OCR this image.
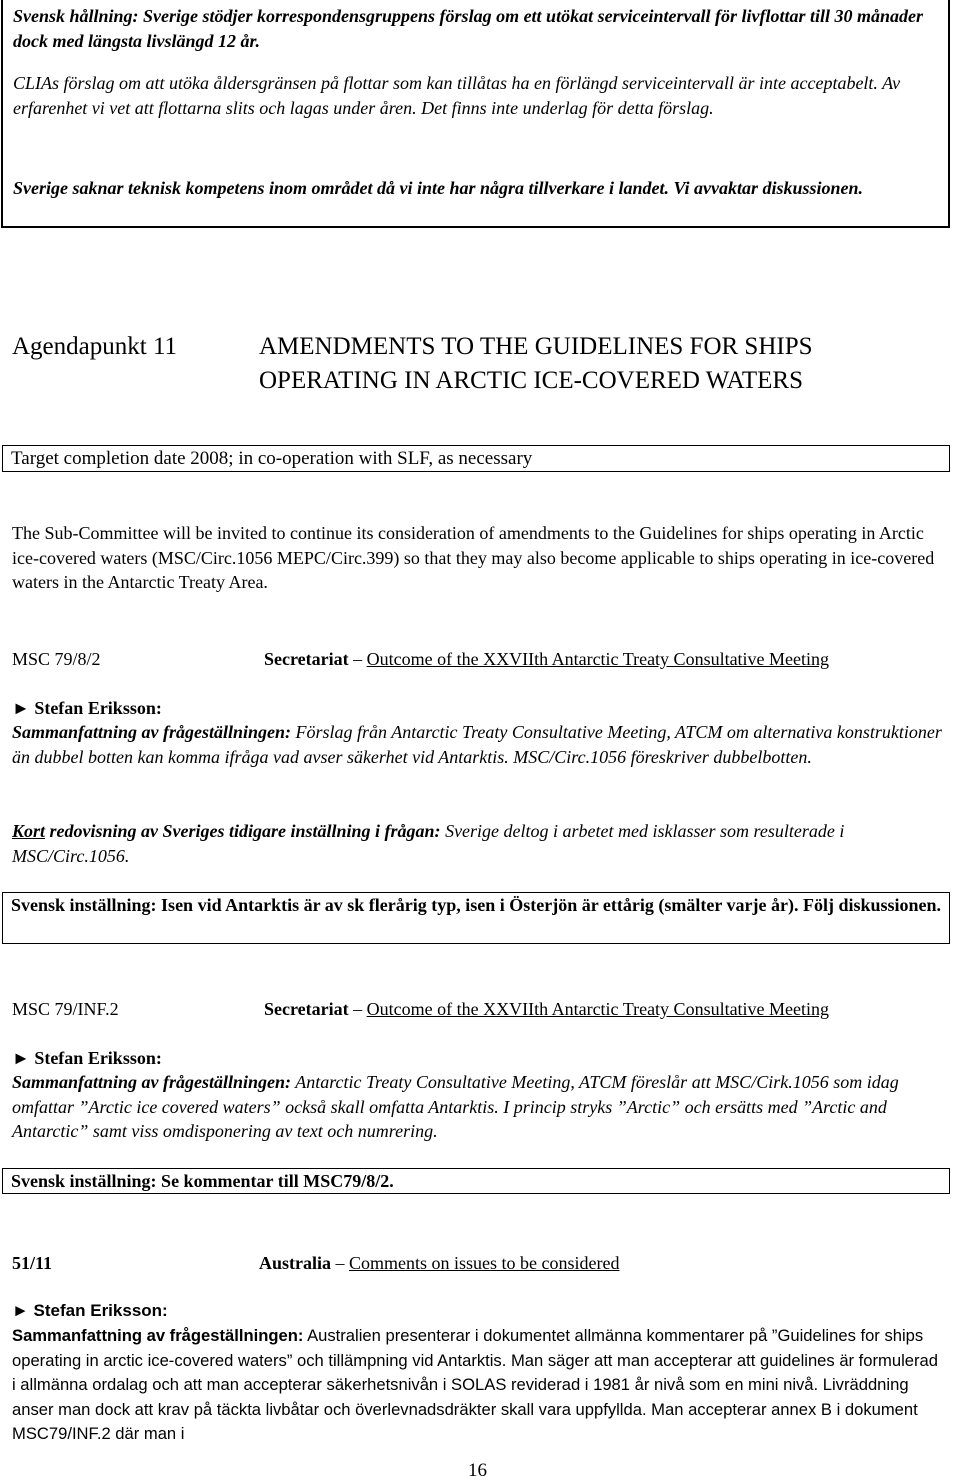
Svensk hållning: Sverige stödjer korrespondensgruppens förslag om ett utökat serviceintervall för livflottar till 30 månader dock med längsta livslängd 12 år.

CLIAs förslag om att utöka åldersgränsen på flottar som kan tillåtas ha en förlängd serviceintervall är inte acceptabelt. Av erfarenhet vi vet att flottarna slits och lagas under åren. Det finns inte underlag för detta förslag.

Sverige saknar teknisk kompetens inom området då vi inte har några tillverkare i landet. Vi avvaktar diskussionen.

Agendapunkt 11	AMENDMENTS TO THE GUIDELINES FOR SHIPS
OPERATING IN ARCTIC ICE-COVERED WATERS
Target completion date 2008; in co-operation with SLF, as necessary

The Sub-Committee will be invited to continue its consideration of amendments to the Guidelines for ships operating in Arctic ice-covered waters (MSC/Circ.1056 MEPC/Circ.399) so that they may also become applicable to ships operating in ice-covered waters in the Antarctic Treaty Area.

MSC 79/8/2	Secretariat – Outcome of the XXVIIth Antarctic Treaty Consultative Meeting
► Stefan Eriksson:

Sammanfattning av frågeställningen: Förslag från Antarctic Treaty Consultative Meeting, ATCM om alternativa konstruktioner än dubbel botten kan komma ifråga vad avser säkerhet vid Antarktis. MSC/Circ.1056 föreskriver dubbelbotten.

Kort redovisning av Sveriges tidigare inställning i frågan: Sverige deltog i arbetet med isklasser som resulterade i MSC/Circ.1056.

Svensk inställning: Isen vid Antarktis är av sk flerårig typ, isen i Österjön är ettårig (smälter varje år). Följ diskussionen.
MSC 79/INF.2	Secretariat – Outcome of the XXVIIth Antarctic Treaty Consultative Meeting
► Stefan Eriksson:

Sammanfattning av frågeställningen: Antarctic Treaty Consultative Meeting, ATCM föreslår att MSC/Cirk.1056 som idag omfattar ”Arctic ice covered waters” också skall omfatta Antarktis. I princip stryks ”Arctic” och ersätts med ”Arctic and Antarctic” samt viss omdisponering av text och numrering.

Svensk inställning: Se kommentar till MSC79/8/2.
51/11	Australia – Comments on issues to be considered
► Stefan Eriksson:

Sammanfattning av frågeställningen: Australien presenterar i dokumentet allmänna kommentarer på ”Guidelines for ships operating in arctic ice-covered waters” och tillämpning vid Antarktis. Man säger att man accepterar att guidelines är formulerad i allmänna ordalag och att man accepterar säkerhetsnivån i SOLAS reviderad i 1981 år nivå som en mini nivå. Livräddning anser man dock att krav på täckta livbåtar och överlevnadsdräkter skall vara uppfyllda. Man accepterar annex B i dokument MSC79/INF.2 där man i

16
